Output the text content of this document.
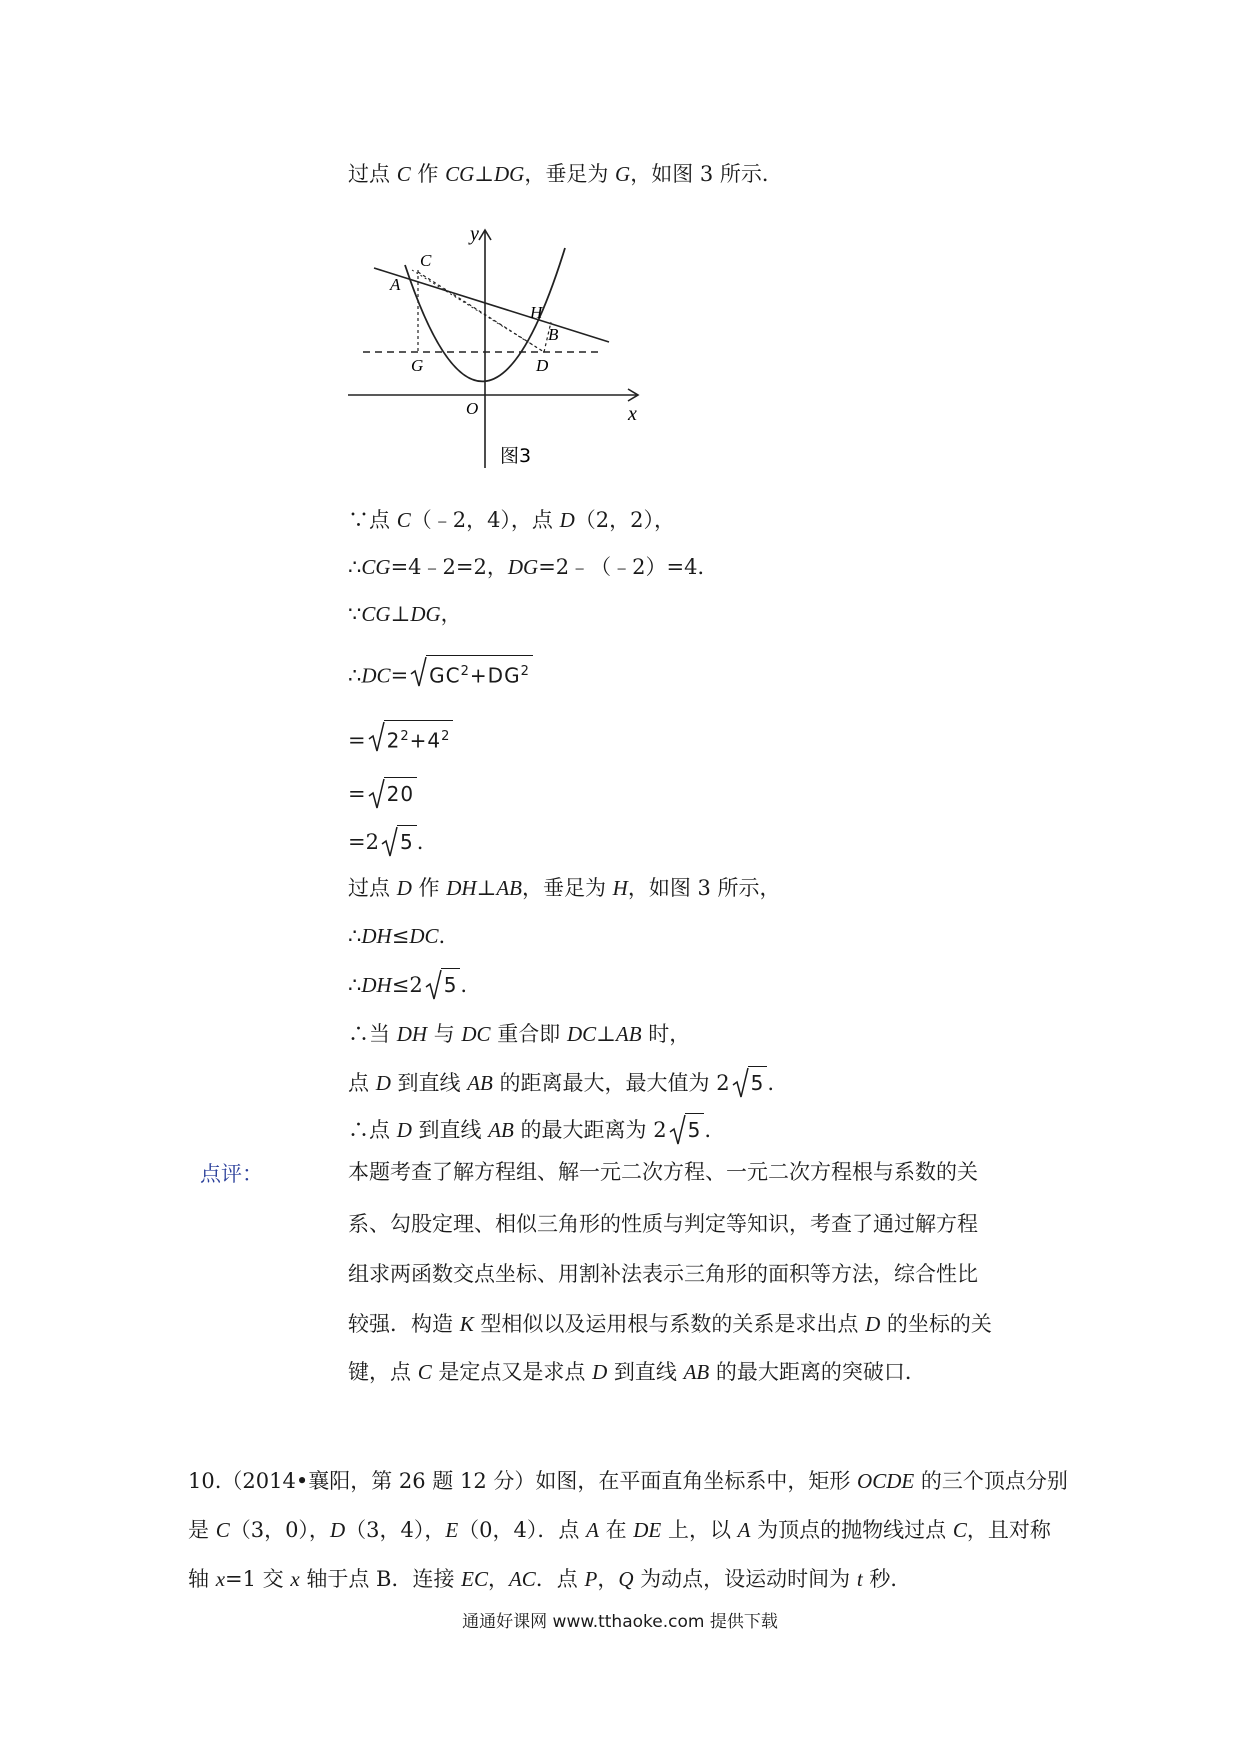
过点 C 作 CG⊥DG，垂足为 G，如图 3 所示．
y
x
O
A
C
H
B
G	D
图3
∵点 C（﹣2，4），点 D（2，2），
∴CG=4﹣2=2，DG=2﹣（﹣2）=4．
∵CG⊥DG，
∴DC= $GC^2+DG^2$
= $2^2+4^2$
= 20
=2 5 .
过点 D 作 DH⊥AB，垂足为 H，如图 3 所示，
∴DH≤DC.
∴DH≤2 5 .
∴当 DH 与 DC 重合即 DC⊥AB 时，
点 D 到直线 AB 的距离最大，最大值为 2 5 .
∴点 D 到直线 AB 的最大距离为 2 5 .
点评：	本题考查了解方程组、解一元二次方程、一元二次方程根与系数的关
系、勾股定理、相似三角形的性质与判定等知识，考查了通过解方程
组求两函数交点坐标、用割补法表示三角形的面积等方法，综合性比
较强．构造 K 型相似以及运用根与系数的关系是求出点 D 的坐标的关
键，点 C 是定点又是求点 D 到直线 AB 的最大距离的突破口．
10.（2014•襄阳，第 26 题 12 分）如图，在平面直角坐标系中，矩形 OCDE 的三个顶点分别
是 C（3，0），D（3，4），E（0，4）．点 A 在 DE 上，以 A 为顶点的抛物线过点 C，且对称
轴 x=1 交 x 轴于点 B．连接 EC，AC．点 P，Q 为动点，设运动时间为 t 秒．
通通好课网 www.tthaoke.com 提供下载
